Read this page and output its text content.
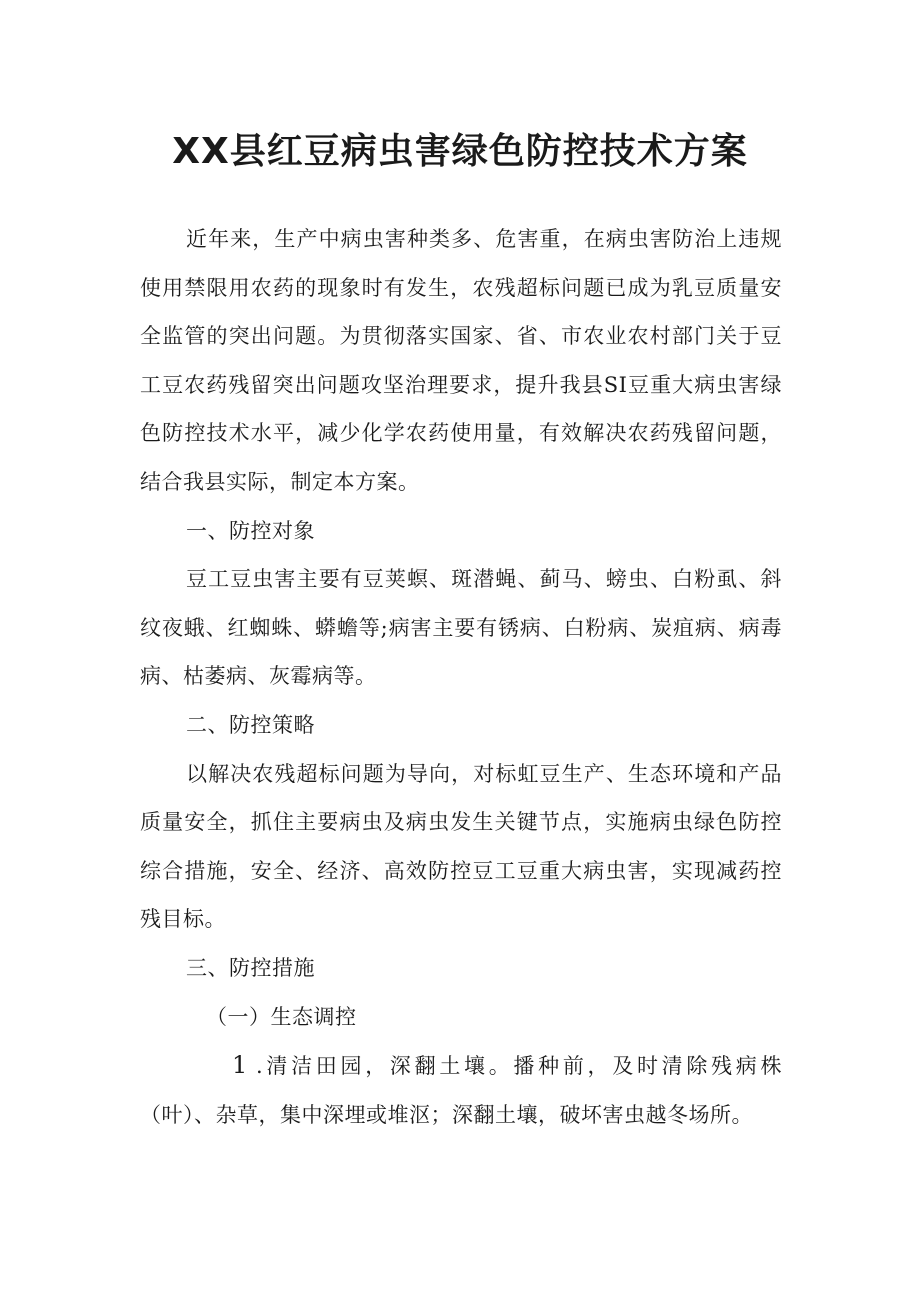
XX县红豆病虫害绿色防控技术方案

近年来，生产中病虫害种类多、危害重，在病虫害防治上违规使用禁限用农药的现象时有发生，农残超标问题已成为乳豆质量安全监管的突出问题。为贯彻落实国家、省、市农业农村部门关于豆工豆农药残留突出问题攻坚治理要求，提升我县SI豆重大病虫害绿色防控技术水平，减少化学农药使用量，有效解决农药残留问题，结合我县实际，制定本方案。

一、防控对象

豆工豆虫害主要有豆荚螟、斑潜蝇、蓟马、螃虫、白粉虱、斜纹夜蛾、红蜘蛛、蟒蟾等;病害主要有锈病、白粉病、炭疽病、病毒病、枯萎病、灰霉病等。

二、防控策略

以解决农残超标问题为导向，对标虹豆生产、生态环境和产品质量安全，抓住主要病虫及病虫发生关键节点，实施病虫绿色防控综合措施，安全、经济、高效防控豆工豆重大病虫害，实现减药控残目标。

三、防控措施

（一）生态调控

1 .清洁田园，深翻土壤。播种前，及时清除残病株（叶）、杂草，集中深埋或堆沤；深翻土壤，破坏害虫越冬场所。
